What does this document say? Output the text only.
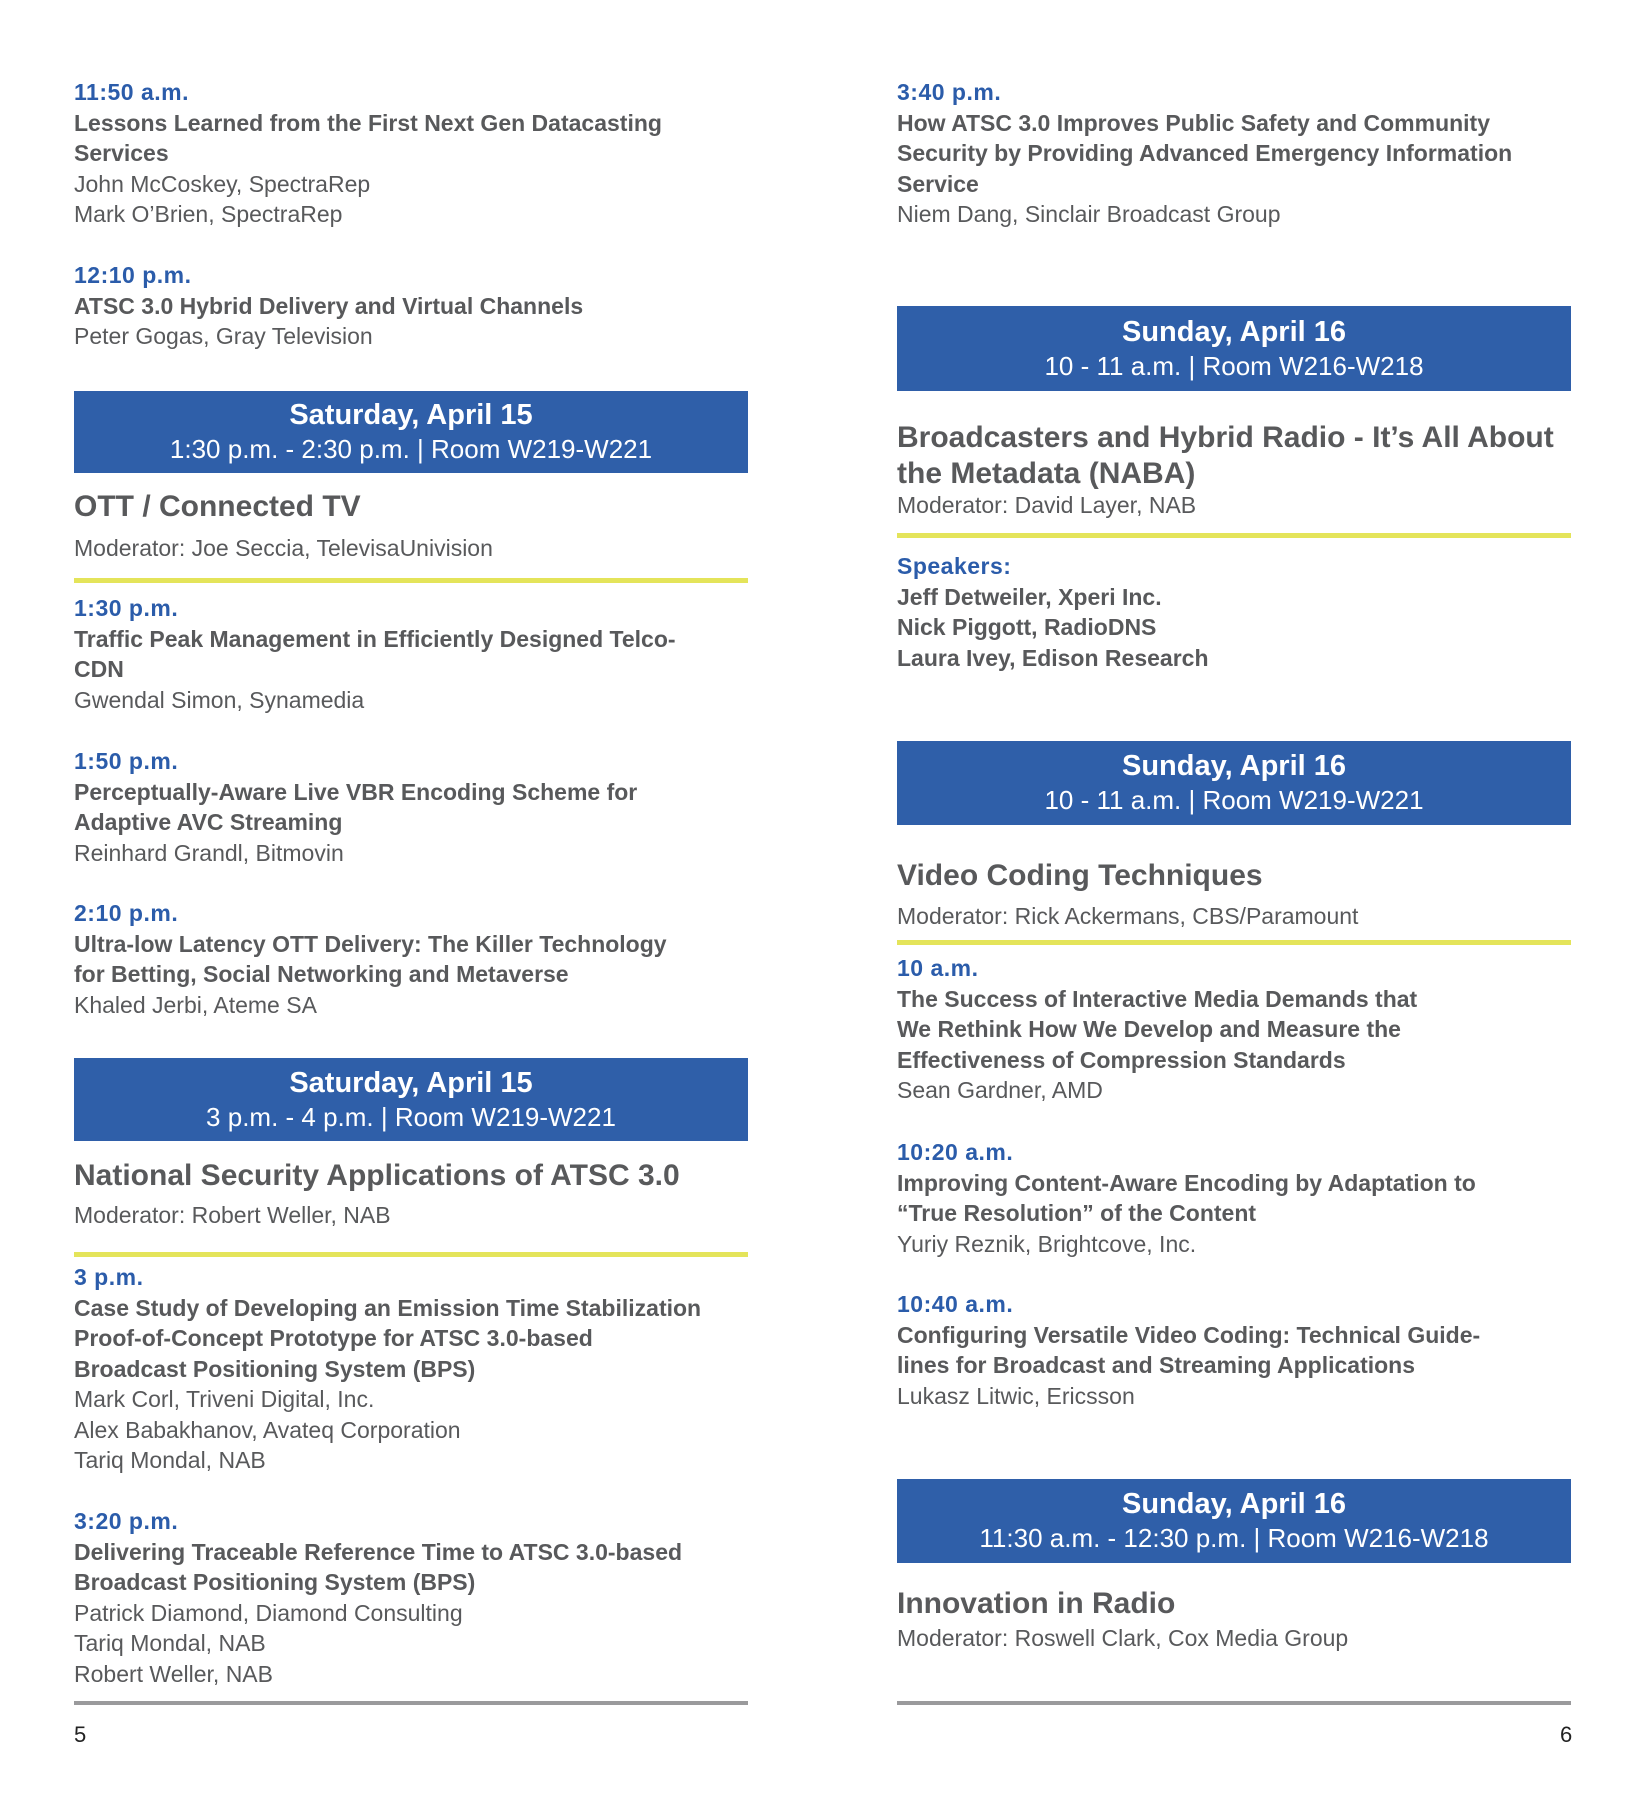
11:50 a.m.
Lessons Learned from the First Next Gen Datacasting
Services
John McCoskey, SpectraRep
Mark O’Brien, SpectraRep
12:10 p.m.
ATSC 3.0 Hybrid Delivery and Virtual Channels
Peter Gogas, Gray Television
Saturday, April 15
1:30 p.m. - 2:30 p.m. | Room W219-W221
OTT / Connected TV
Moderator: Joe Seccia, TelevisaUnivision
1:30 p.m.
Traffic Peak Management in Efficiently Designed Telco-
CDN
Gwendal Simon, Synamedia
1:50 p.m.
Perceptually-Aware Live VBR Encoding Scheme for
Adaptive AVC Streaming
Reinhard Grandl, Bitmovin
2:10 p.m.
Ultra-low Latency OTT Delivery: The Killer Technology
for Betting, Social Networking and Metaverse
Khaled Jerbi, Ateme SA
Saturday, April 15
3 p.m. - 4 p.m. | Room W219-W221
National Security Applications of ATSC 3.0
Moderator: Robert Weller, NAB
3 p.m.
Case Study of Developing an Emission Time Stabilization
Proof-of-Concept Prototype for ATSC 3.0-based
Broadcast Positioning System (BPS)
Mark Corl, Triveni Digital, Inc.
Alex Babakhanov, Avateq Corporation
Tariq Mondal, NAB
3:20 p.m.
Delivering Traceable Reference Time to ATSC 3.0-based
Broadcast Positioning System (BPS)
Patrick Diamond, Diamond Consulting
Tariq Mondal, NAB
Robert Weller, NAB
5
3:40 p.m.
How ATSC 3.0 Improves Public Safety and Community
Security by Providing Advanced Emergency Information
Service
Niem Dang, Sinclair Broadcast Group
Sunday, April 16
10 - 11 a.m. | Room W216-W218
Broadcasters and Hybrid Radio - It’s All About
the Metadata (NABA)
Moderator: David Layer, NAB
Speakers:
Jeff Detweiler, Xperi Inc.
Nick Piggott, RadioDNS
Laura Ivey, Edison Research
Sunday, April 16
10 - 11 a.m. | Room W219-W221
Video Coding Techniques
Moderator: Rick Ackermans, CBS/Paramount
10 a.m.
The Success of Interactive Media Demands that
We Rethink How We Develop and Measure the
Effectiveness of Compression Standards
Sean Gardner, AMD
10:20 a.m.
Improving Content-Aware Encoding by Adaptation to
“True Resolution” of the Content
Yuriy Reznik, Brightcove, Inc.
10:40 a.m.
Configuring Versatile Video Coding: Technical Guide-
lines for Broadcast and Streaming Applications
Lukasz Litwic, Ericsson
Sunday, April 16
11:30 a.m. - 12:30 p.m. | Room W216-W218
Innovation in Radio
Moderator: Roswell Clark, Cox Media Group
6
